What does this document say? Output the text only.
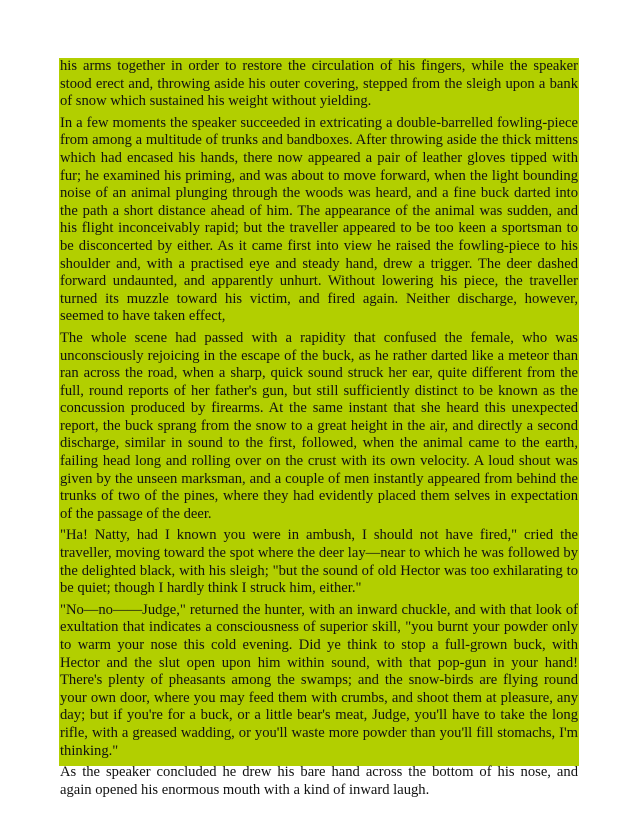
his arms together in order to restore the circulation of his fingers, while the speaker stood erect and, throwing aside his outer covering, stepped from the sleigh upon a bank of snow which sustained his weight without yielding.

In a few moments the speaker succeeded in extricating a double-barrelled fowling-piece from among a multitude of trunks and bandboxes. After throwing aside the thick mittens which had encased his hands, there now appeared a pair of leather gloves tipped with fur; he examined his priming, and was about to move forward, when the light bounding noise of an animal plunging through the woods was heard, and a fine buck darted into the path a short distance ahead of him. The appearance of the animal was sudden, and his flight inconceivably rapid; but the traveller appeared to be too keen a sportsman to be disconcerted by either. As it came first into view he raised the fowling-piece to his shoulder and, with a practised eye and steady hand, drew a trigger. The deer dashed forward undaunted, and apparently unhurt. Without lowering his piece, the traveller turned its muzzle toward his victim, and fired again. Neither discharge, however, seemed to have taken effect,

The whole scene had passed with a rapidity that confused the female, who was unconsciously rejoicing in the escape of the buck, as he rather darted like a meteor than ran across the road, when a sharp, quick sound struck her ear, quite different from the full, round reports of her father's gun, but still sufficiently distinct to be known as the concussion produced by firearms. At the same instant that she heard this unexpected report, the buck sprang from the snow to a great height in the air, and directly a second discharge, similar in sound to the first, followed, when the animal came to the earth, failing head long and rolling over on the crust with its own velocity. A loud shout was given by the unseen marksman, and a couple of men instantly appeared from behind the trunks of two of the pines, where they had evidently placed them selves in expectation of the passage of the deer.

"Ha! Natty, had I known you were in ambush, I should not have fired," cried the traveller, moving toward the spot where the deer lay—near to which he was followed by the delighted black, with his sleigh; "but the sound of old Hector was too exhilarating to be quiet; though I hardly think I struck him, either."

"No—no——Judge," returned the hunter, with an inward chuckle, and with that look of exultation that indicates a consciousness of superior skill, "you burnt your powder only to warm your nose this cold evening. Did ye think to stop a full-grown buck, with Hector and the slut open upon him within sound, with that pop-gun in your hand! There's plenty of pheasants among the swamps; and the snow-birds are flying round your own door, where you may feed them with crumbs, and shoot them at pleasure, any day; but if you're for a buck, or a little bear's meat, Judge, you'll have to take the long rifle, with a greased wadding, or you'll waste more powder than you'll fill stomachs, I'm thinking."

As the speaker concluded he drew his bare hand across the bottom of his nose, and again opened his enormous mouth with a kind of inward laugh.
